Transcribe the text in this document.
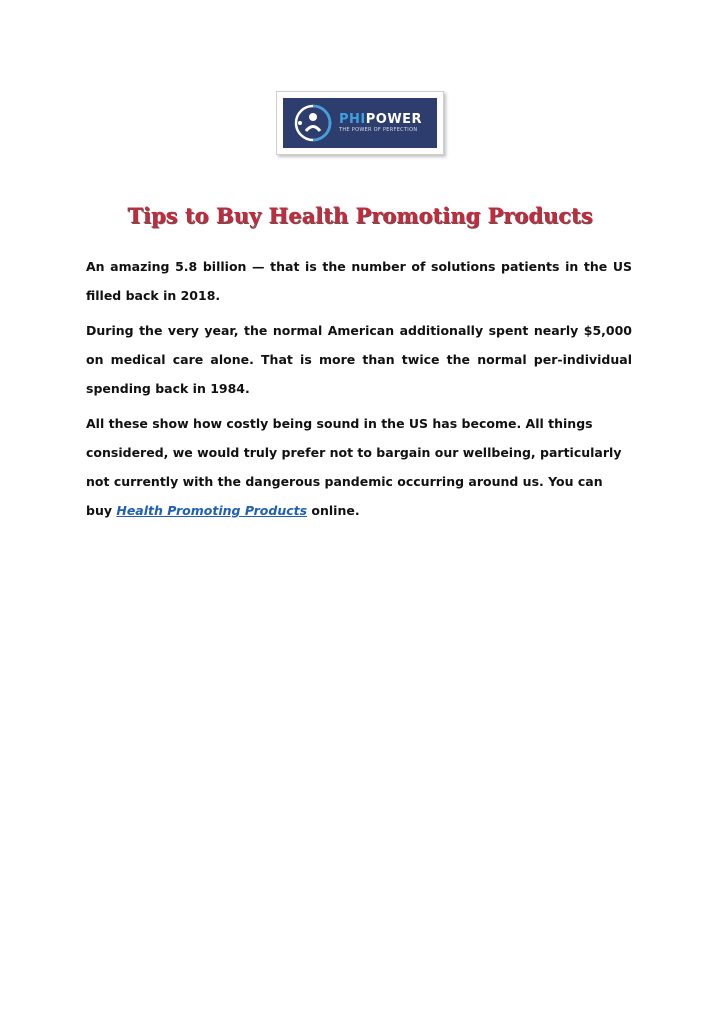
PHIPOWER
THE POWER OF PERFECTION
Tips to Buy Health Promoting Products

An amazing 5.8 billion — that is the number of solutions patients in the US filled back in 2018.

During the very year, the normal American additionally spent nearly $5,000 on medical care alone. That is more than twice the normal per-individual spending back in 1984.

All these show how costly being sound in the US has become. All things considered, we would truly prefer not to bargain our wellbeing, particularly not currently with the dangerous pandemic occurring around us. You can buy Health Promoting Products online.
